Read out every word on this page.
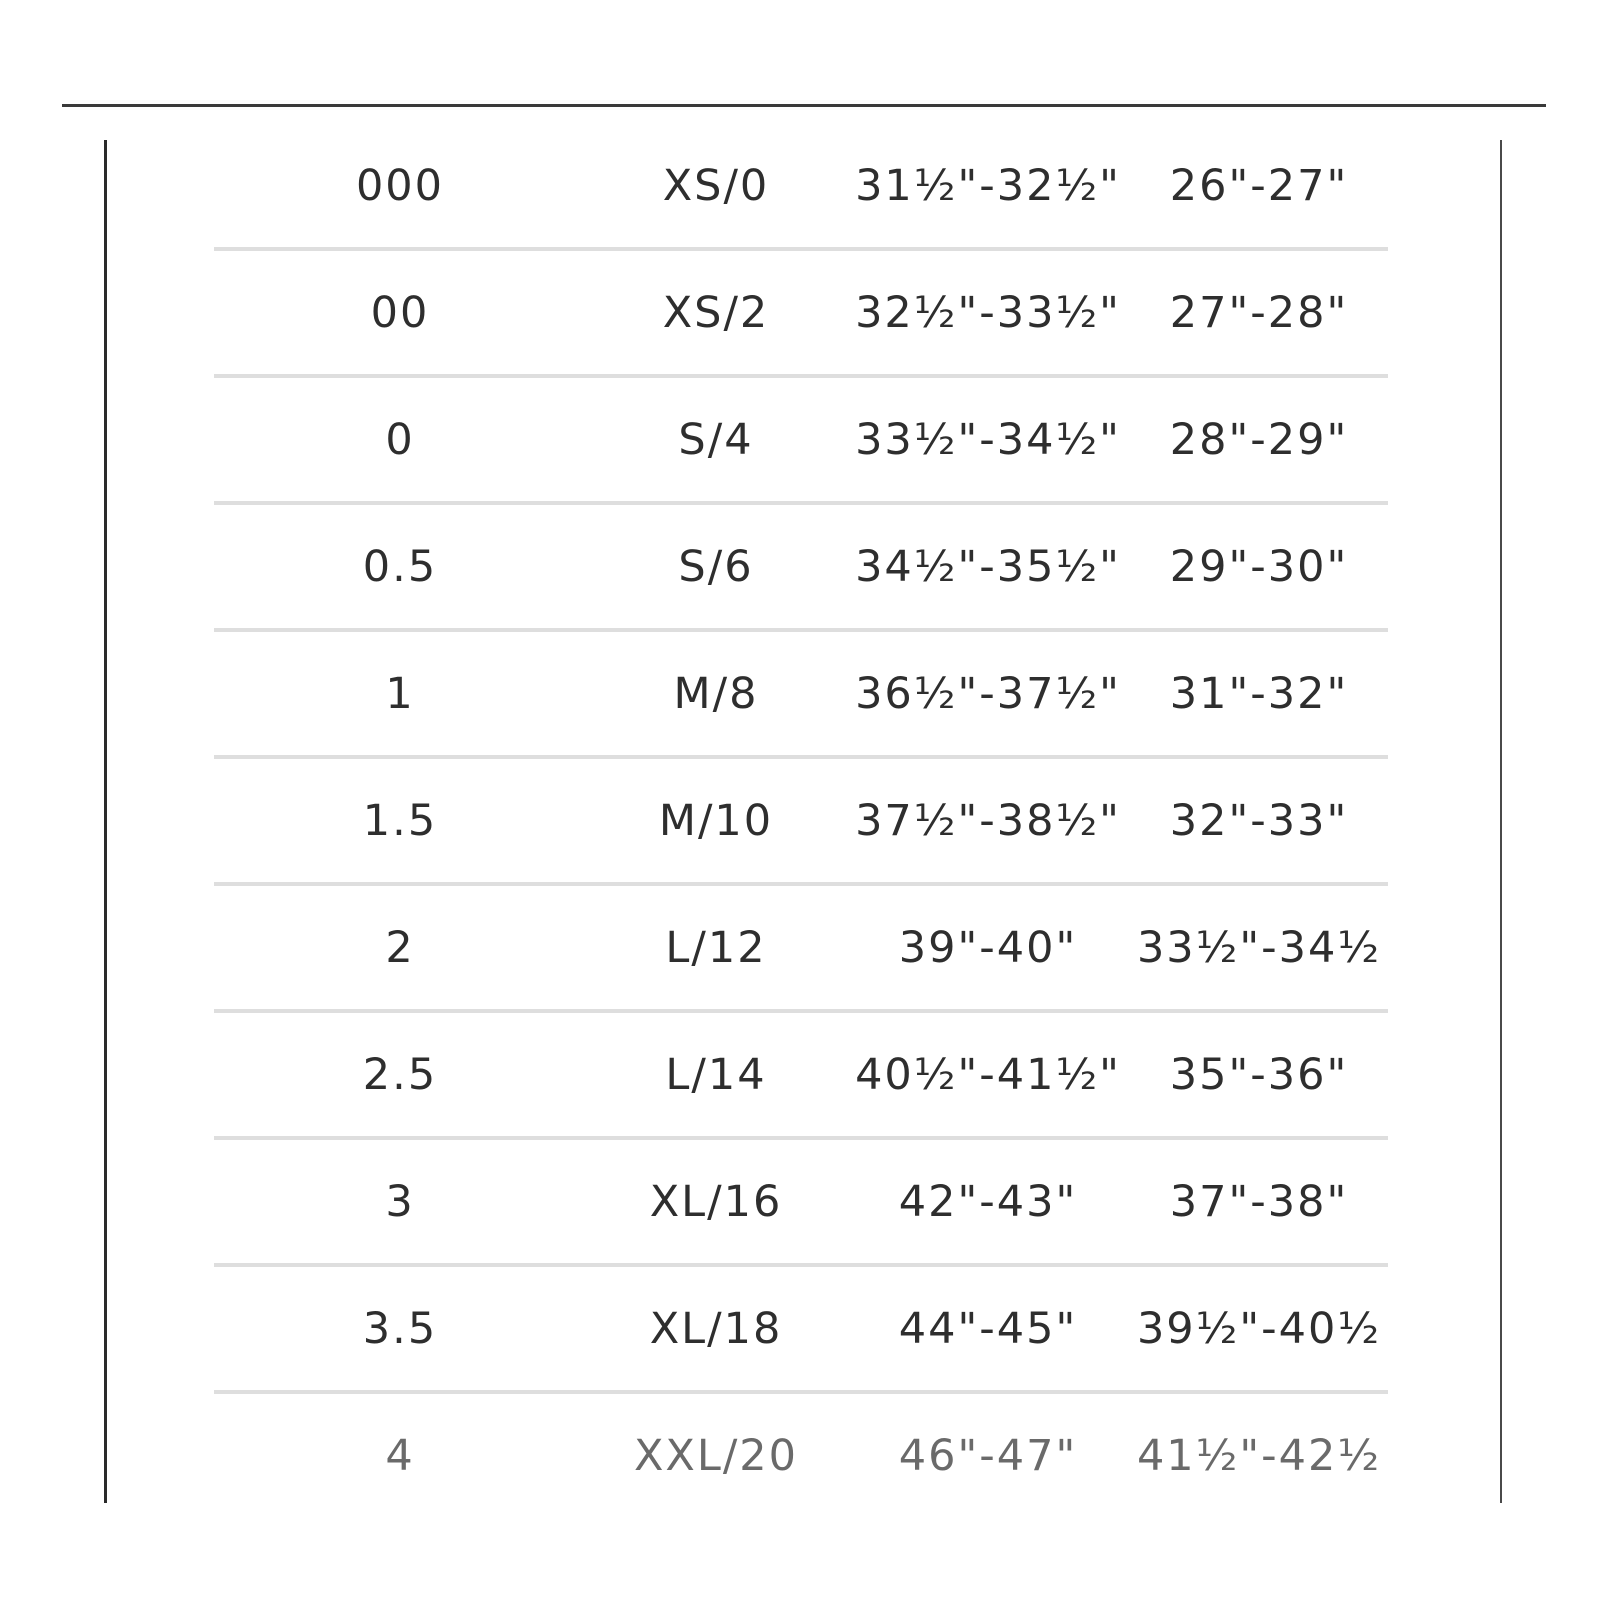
000	XS/0	31½"-32½"	26"-27"
00	XS/2	32½"-33½"	27"-28"
0	S/4	33½"-34½"	28"-29"
0.5	S/6	34½"-35½"	29"-30"
1	M/8	36½"-37½"	31"-32"
1.5	M/10	37½"-38½"	32"-33"
2	L/12	39"-40"	33½"-34½
2.5	L/14	40½"-41½"	35"-36"
3	XL/16	42"-43"	37"-38"
3.5	XL/18	44"-45"	39½"-40½
4	XXL/20	46"-47"	41½"-42½
